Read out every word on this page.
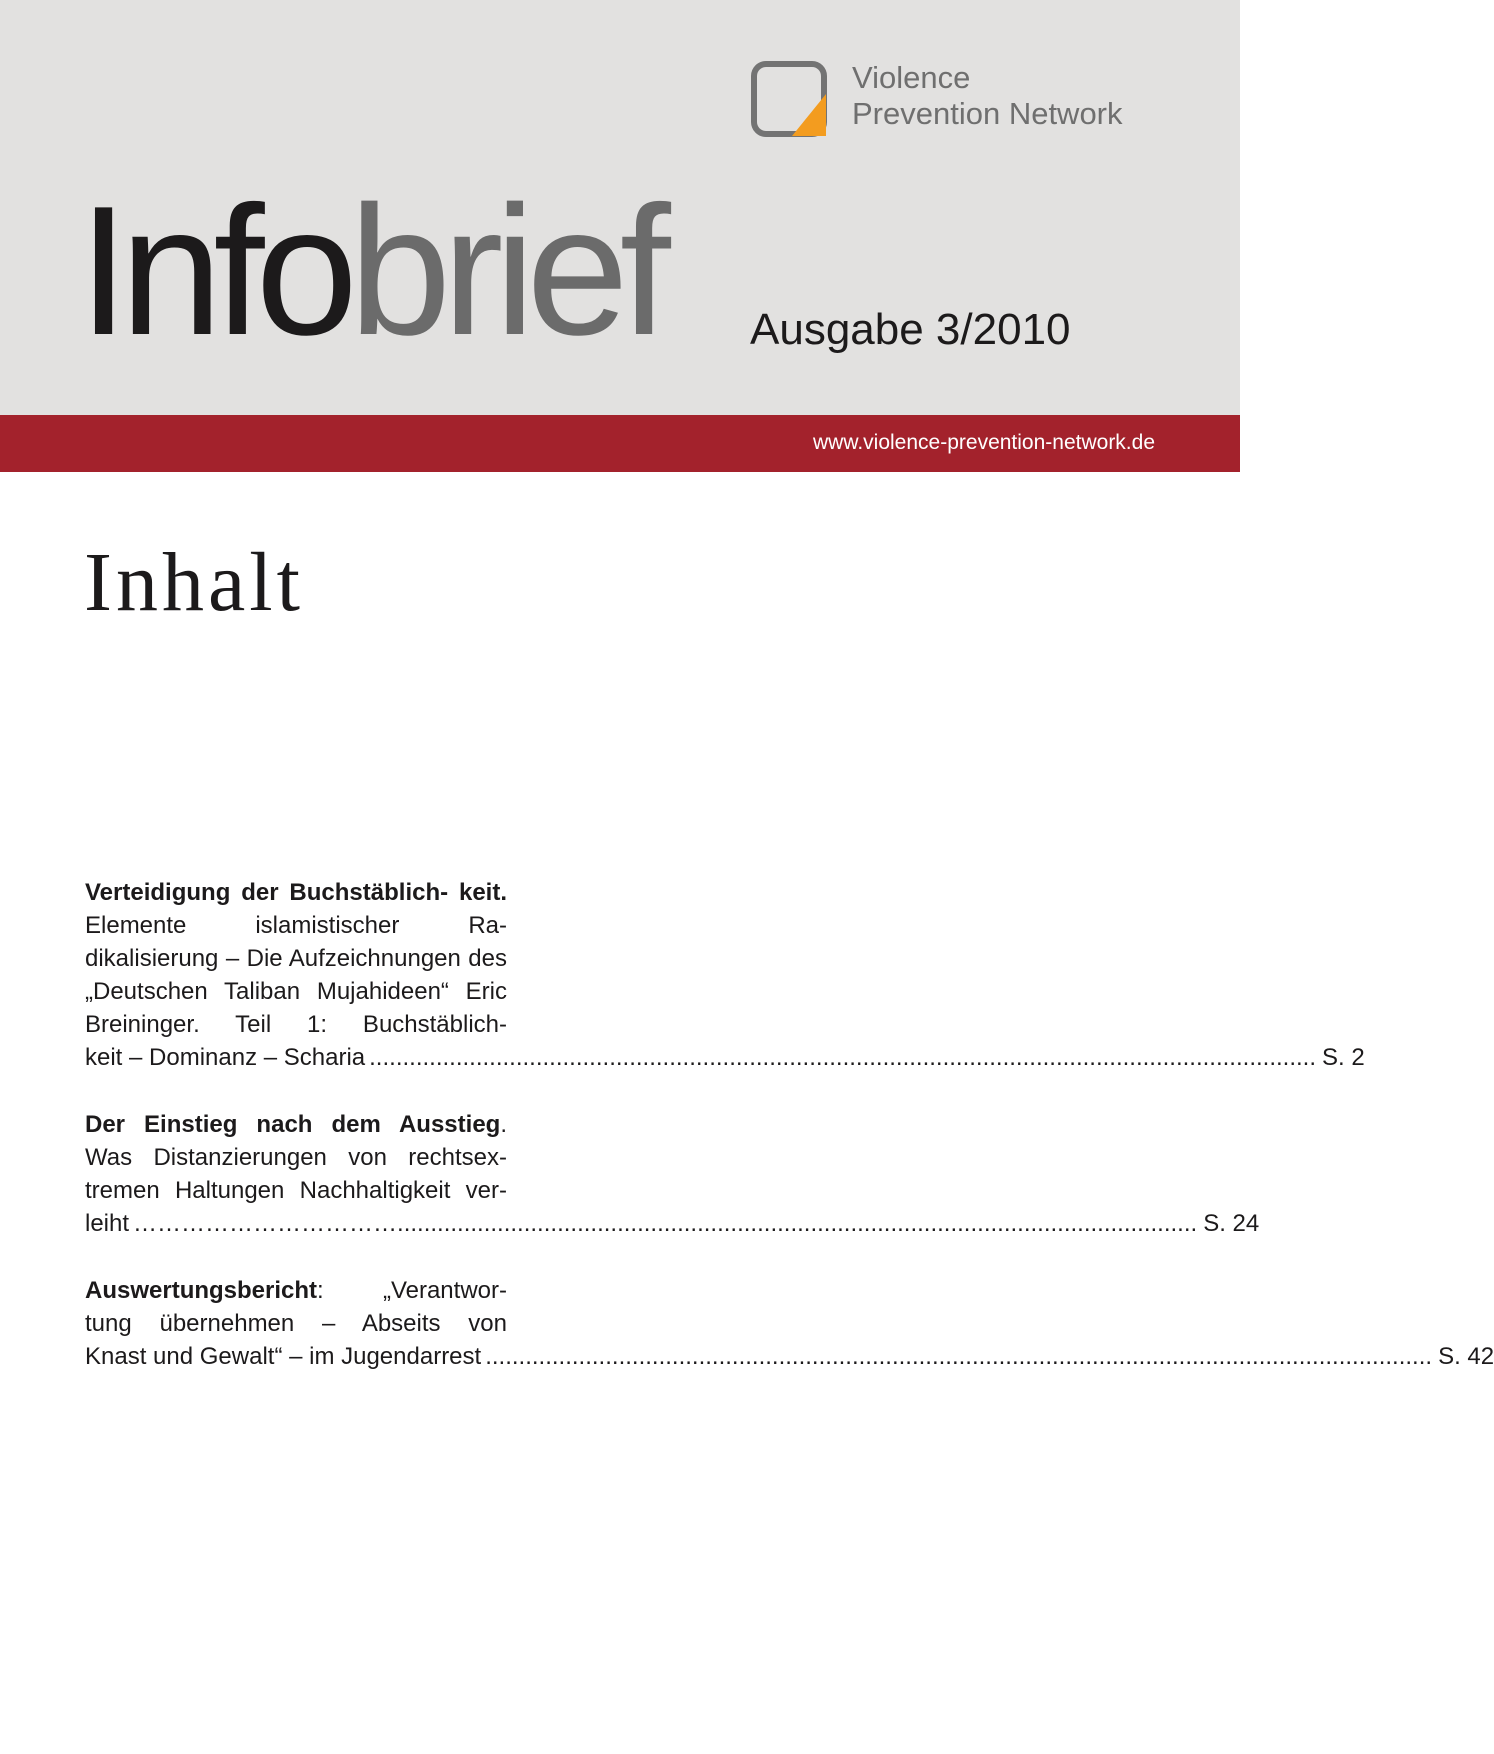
Violence
Prevention Network
Infobrief Ausgabe 3/2010
www.violence-prevention-network.de
Inhalt
Verteidigung der Buchstäblich- keit. Elemente islamistischer Ra- dikalisierung – Die Aufzeichnungen des „Deutschen Taliban Mujahideen“ Eric Breininger. Teil 1: Buchstäblich-
keit – Dominanz – Scharia .............................................................................................................................................. S. 2
Der Einstieg nach dem Ausstieg. Was Distanzierungen von rechtsex- tremen Haltungen Nachhaltigkeit ver-
leiht ……………………………........................................................................................................................ S. 24
Auswertungsbericht: „Verantwor- tung übernehmen – Abseits von
Knast und Gewalt“ – im Jugendarrest .............................................................................................................................................. S. 42
